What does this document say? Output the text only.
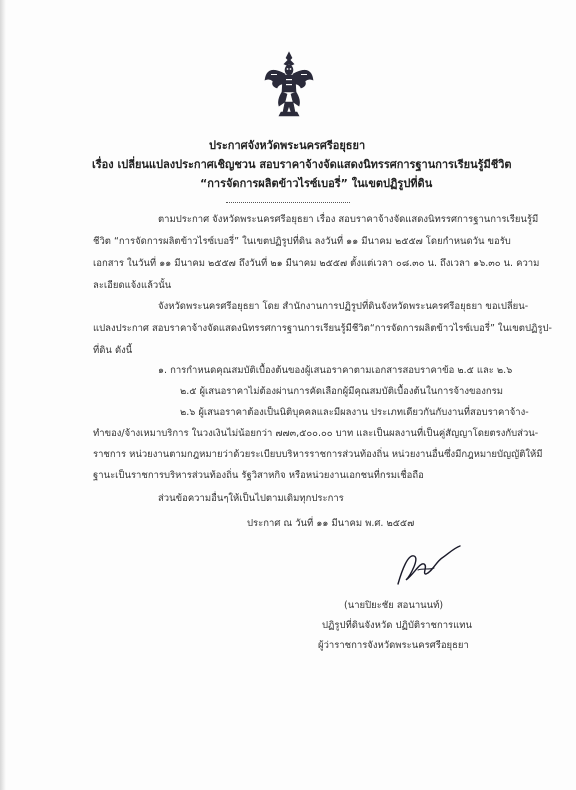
ประกาศจังหวัดพระนครศรีอยุธยา
เรื่อง เปลี่ยนแปลงประกาศเชิญชวน สอบราคาจ้างจัดแสดงนิทรรศการฐานการเรียนรู้มีชีวิต
“การจัดการผลิตข้าวไรซ์เบอรี่” ในเขตปฏิรูปที่ดิน
ตามประกาศ จังหวัดพระนครศรีอยุธยา เรื่อง สอบราคาจ้างจัดแสดงนิทรรศการฐานการเรียนรู้มี
ชีวิต “การจัดการผลิตข้าวไรซ์เบอรี่” ในเขตปฏิรูปที่ดิน ลงวันที่ ๑๑ มีนาคม ๒๕๕๗ โดยกำหนดวัน ขอรับ
เอกสาร ในวันที่ ๑๑ มีนาคม ๒๕๕๗ ถึงวันที่ ๒๑ มีนาคม ๒๕๕๗ ตั้งแต่เวลา ๐๘.๓๐ น. ถึงเวลา ๑๖.๓๐ น. ความ
ละเอียดแจ้งแล้วนั้น
จังหวัดพระนครศรีอยุธยา โดย สำนักงานการปฏิรูปที่ดินจังหวัดพระนครศรีอยุธยา ขอเปลี่ยน-
แปลงประกาศ สอบราคาจ้างจัดแสดงนิทรรศการฐานการเรียนรู้มีชีวิต“การจัดการผลิตข้าวไรซ์เบอรี่” ในเขตปฏิรูป-
ที่ดิน ดังนี้
๑. การกำหนดคุณสมบัติเบื้องต้นของผู้เสนอราคาตามเอกสารสอบราคาข้อ ๒.๕ และ ๒.๖
๒.๕ ผู้เสนอราคาไม่ต้องผ่านการคัดเลือกผู้มีคุณสมบัติเบื้องต้นในการจ้างของกรม
๒.๖ ผู้เสนอราคาต้องเป็นนิติบุคคลและมีผลงาน ประเภทเดียวกันกับงานที่สอบราคาจ้าง-
ทำของ/จ้างเหมาบริการ ในวงเงินไม่น้อยกว่า ๗๗๓,๕๐๐.๐๐ บาท และเป็นผลงานที่เป็นคู่สัญญาโดยตรงกับส่วน-
ราชการ หน่วยงานตามกฎหมายว่าด้วยระเบียบบริหารราชการส่วนท้องถิ่น หน่วยงานอื่นซึ่งมีกฎหมายบัญญัติให้มี
ฐานะเป็นราชการบริหารส่วนท้องถิ่น รัฐวิสาหกิจ หรือหน่วยงานเอกชนที่กรมเชื่อถือ
ส่วนข้อความอื่นๆให้เป็นไปตามเดิมทุกประการ
ประกาศ ณ วันที่ ๑๑ มีนาคม พ.ศ. ๒๕๕๗
(นายปิยะชัย สอนานนท์)
ปฏิรูปที่ดินจังหวัด ปฏิบัติราชการแทน
ผู้ว่าราชการจังหวัดพระนครศรีอยุธยา
